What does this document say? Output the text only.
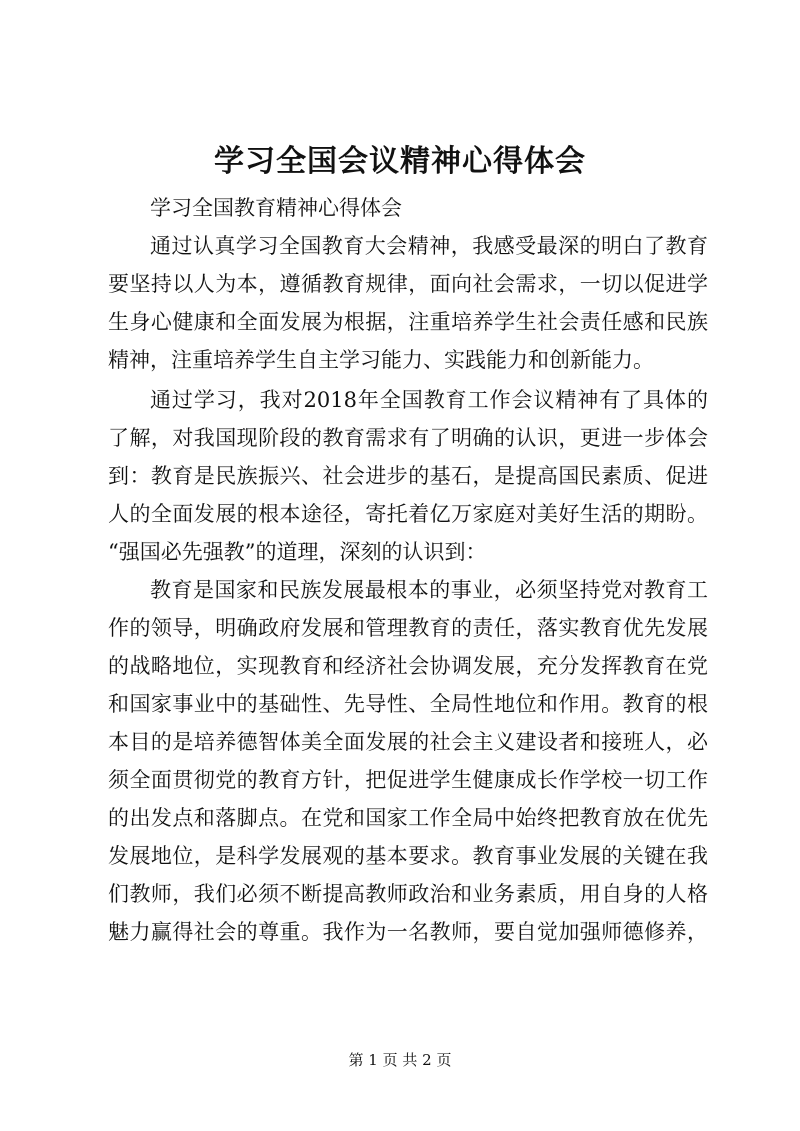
学习全国会议精神心得体会
学习全国教育精神心得体会
通过认真学习全国教育大会精神，我感受最深的明白了教育
要坚持以人为本，遵循教育规律，面向社会需求，一切以促进学
生身心健康和全面发展为根据，注重培养学生社会责任感和民族
精神，注重培养学生自主学习能力、实践能力和创新能力。
通过学习，我对2018年全国教育工作会议精神有了具体的
了解，对我国现阶段的教育需求有了明确的认识，更进一步体会
到：教育是民族振兴、社会进步的基石，是提高国民素质、促进
人的全面发展的根本途径，寄托着亿万家庭对美好生活的期盼。
“强国必先强教”的道理，深刻的认识到：
教育是国家和民族发展最根本的事业，必须坚持党对教育工
作的领导，明确政府发展和管理教育的责任，落实教育优先发展
的战略地位，实现教育和经济社会协调发展，充分发挥教育在党
和国家事业中的基础性、先导性、全局性地位和作用。教育的根
本目的是培养德智体美全面发展的社会主义建设者和接班人，必
须全面贯彻党的教育方针，把促进学生健康成长作学校一切工作
的出发点和落脚点。在党和国家工作全局中始终把教育放在优先
发展地位，是科学发展观的基本要求。教育事业发展的关键在我
们教师，我们必须不断提高教师政治和业务素质，用自身的人格
魅力赢得社会的尊重。我作为一名教师，要自觉加强师德修养，
第 1 页 共 2 页
